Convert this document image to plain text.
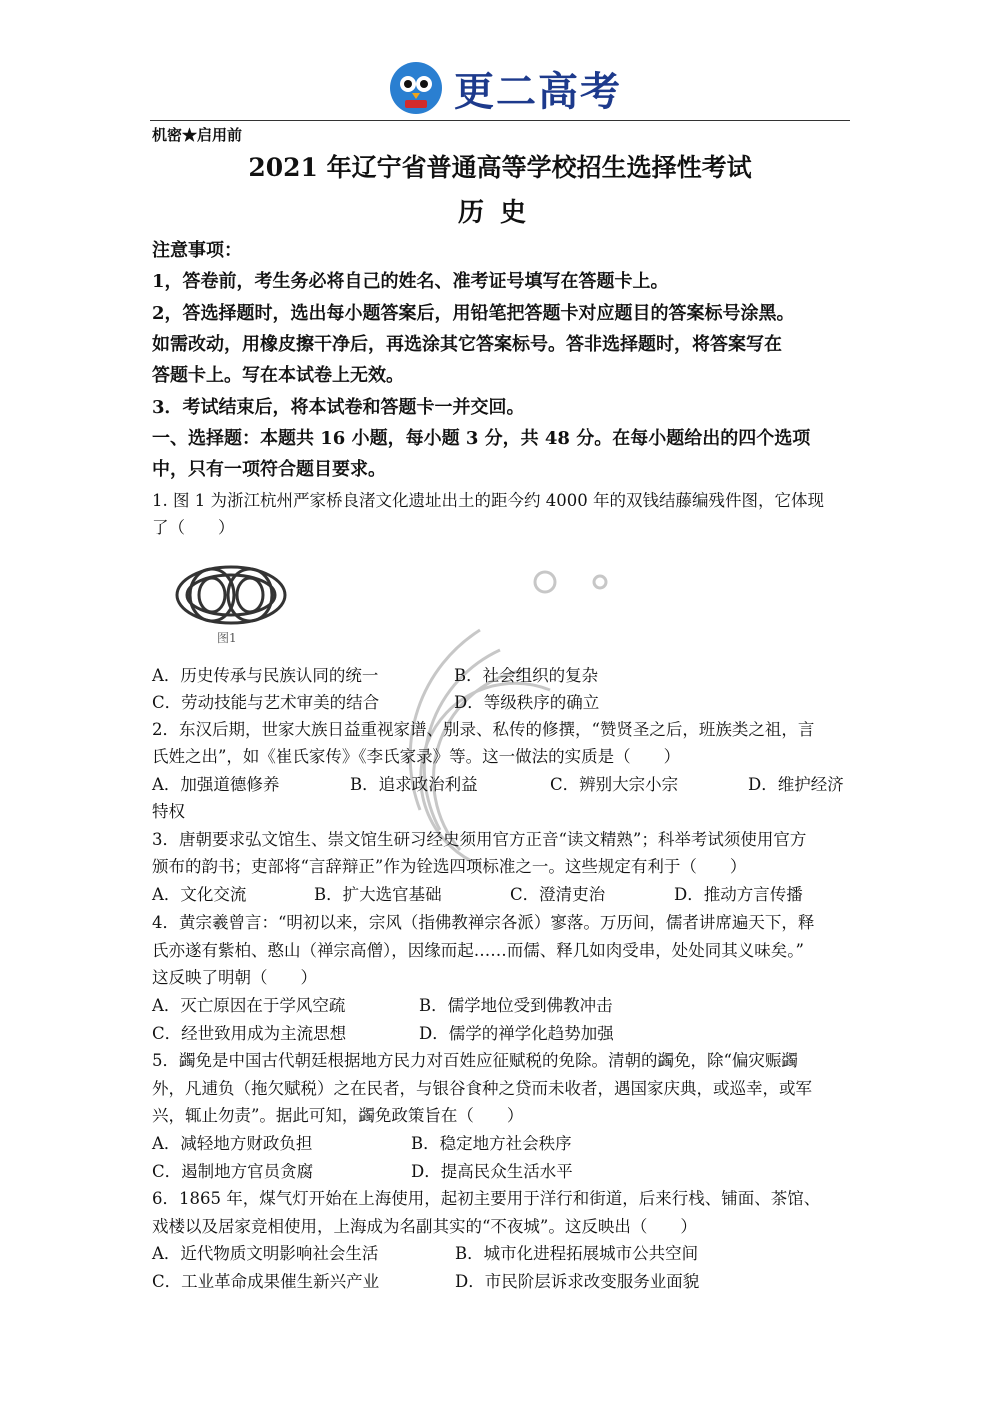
更二高考
机密★启用前
2021 年辽宁省普通高等学校招生选择性考试
历史
注意事项：
1，答卷前，考生务必将自己的姓名、准考证号填写在答题卡上。
2，答选择题时，选出每小题答案后，用铅笔把答题卡对应题目的答案标号涂黑。
如需改动，用橡皮擦干净后，再选涂其它答案标号。答非选择题时，将答案写在
答题卡上。写在本试卷上无效。
3．考试结束后，将本试卷和答题卡一并交回。
一、选择题：本题共 16 小题，每小题 3 分，共 48 分。在每小题给出的四个选项
中，只有一项符合题目要求。
1. 图 1 为浙江杭州严家桥良渚文化遗址出土的距今约 4000 年的双钱结藤编残件图，它体现
了（　　）
图1
A．历史传承与民族认同的统一	B．社会组织的复杂
C．劳动技能与艺术审美的结合	D．等级秩序的确立
2．东汉后期，世家大族日益重视家谱、别录、私传的修撰，“赞贤圣之后，班族类之祖，言
氏姓之出”，如《崔氏家传》《李氏家录》等。这一做法的实质是（　　）
A．加强道德修养	B．追求政治利益	C．辨别大宗小宗	D．维护经济
特权
3．唐朝要求弘文馆生、崇文馆生研习经史须用官方正音“读文精熟”；科举考试须使用官方
颁布的韵书；吏部将“言辞辩正”作为铨选四项标准之一。这些规定有利于（　　）
A．文化交流	B．扩大选官基础	C．澄清吏治	D．推动方言传播
4．黄宗羲曾言：“明初以来，宗风（指佛教禅宗各派）寥落。万历间，儒者讲席遍天下，释
氏亦遂有紫柏、憨山（禅宗高僧），因缘而起……而儒、释几如肉受串，处处同其义味矣。”
这反映了明朝（　　）
A．灭亡原因在于学风空疏	B．儒学地位受到佛教冲击
C．经世致用成为主流思想	D．儒学的禅学化趋势加强
5．蠲免是中国古代朝廷根据地方民力对百姓应征赋税的免除。清朝的蠲免，除“偏灾赈蠲
外，凡逋负（拖欠赋税）之在民者，与银谷食种之贷而未收者，遇国家庆典，或巡幸，或军
兴，辄止勿责”。据此可知，蠲免政策旨在（　　）
A．减轻地方财政负担	B．稳定地方社会秩序
C．遏制地方官员贪腐	D．提高民众生活水平
6．1865 年，煤气灯开始在上海使用，起初主要用于洋行和街道，后来行栈、铺面、茶馆、
戏楼以及居家竞相使用，上海成为名副其实的“不夜城”。这反映出（　　）
A．近代物质文明影响社会生活	B．城市化进程拓展城市公共空间
C．工业革命成果催生新兴产业	D．市民阶层诉求改变服务业面貌
